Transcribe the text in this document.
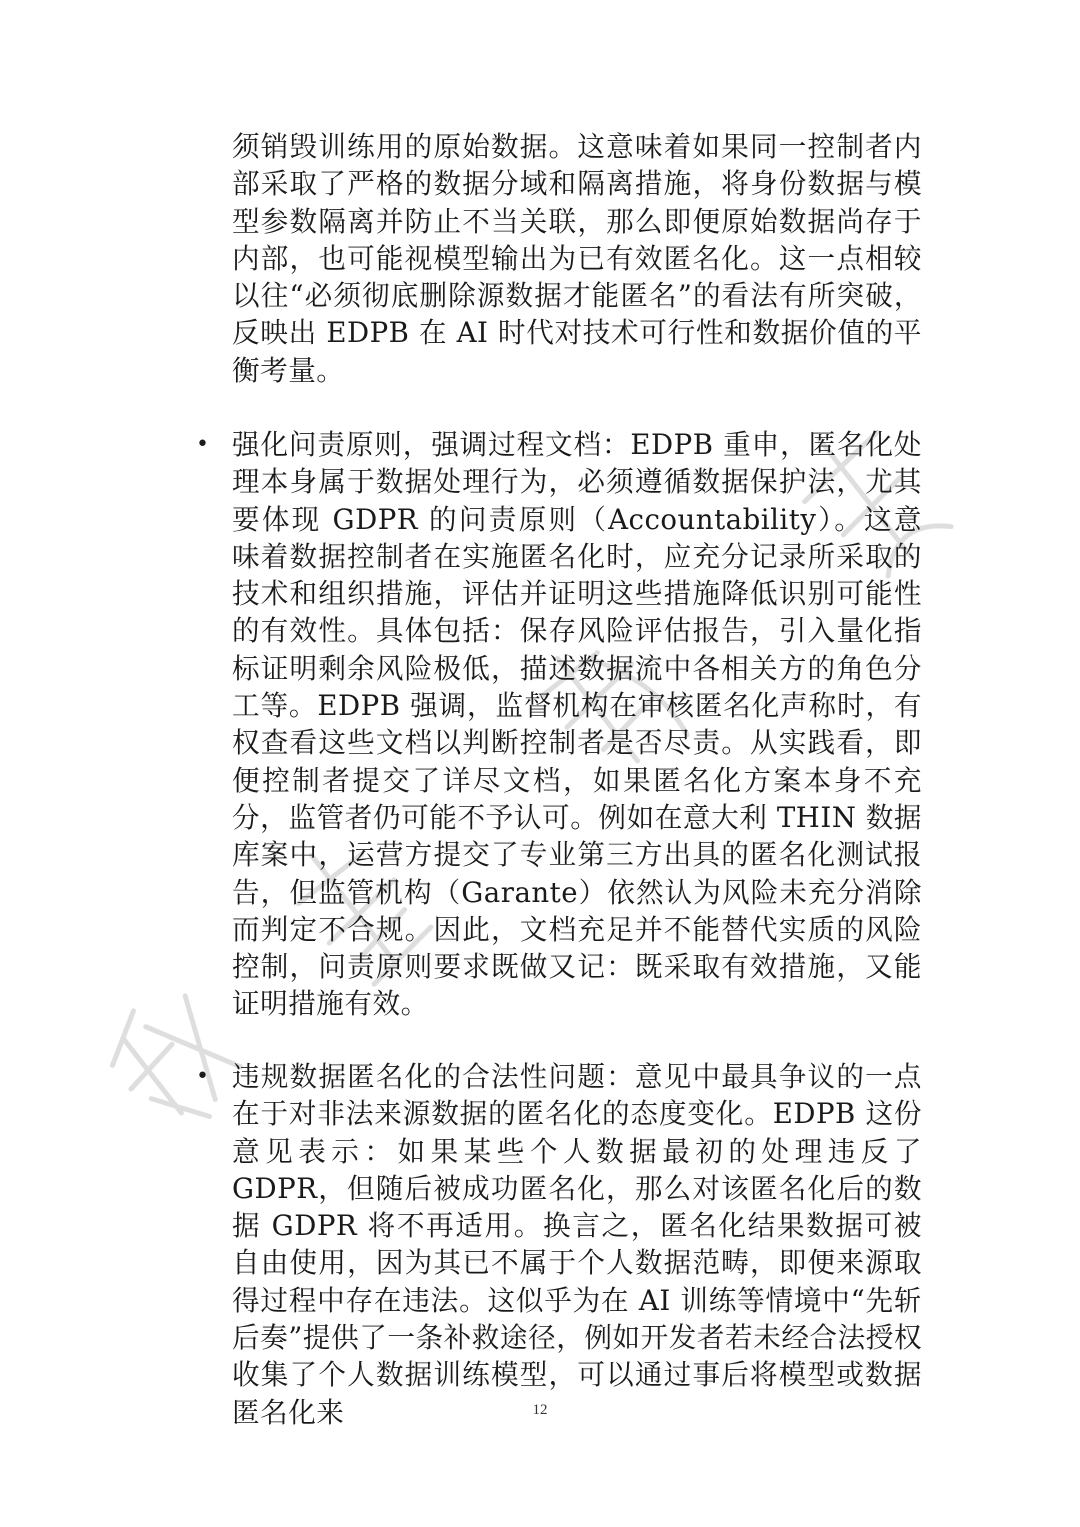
须销毁训练用的原始数据。这意味着如果同一控制者内部采取了严格的数据分域和隔离措施，将身份数据与模型参数隔离并防止不当关联，那么即便原始数据尚存于内部，也可能视模型输出为已有效匿名化。这一点相较以往“必须彻底删除源数据才能匿名”的看法有所突破，反映出 EDPB 在 AI 时代对技术可行性和数据价值的平衡考量。
• 强化问责原则，强调过程文档：EDPB 重申，匿名化处理本身属于数据处理行为，必须遵循数据保护法，尤其要体现 GDPR 的问责原则（Accountability）。这意味着数据控制者在实施匿名化时，应充分记录所采取的技术和组织措施，评估并证明这些措施降低识别可能性的有效性。具体包括：保存风险评估报告，引入量化指标证明剩余风险极低，描述数据流中各相关方的角色分工等。EDPB 强调，监督机构在审核匿名化声称时，有权查看这些文档以判断控制者是否尽责。从实践看，即便控制者提交了详尽文档，如果匿名化方案本身不充分，监管者仍可能不予认可。例如在意大利 THIN 数据库案中，运营方提交了专业第三方出具的匿名化测试报告，但监管机构（Garante）依然认为风险未充分消除而判定不合规。因此，文档充足并不能替代实质的风险控制，问责原则要求既做又记：既采取有效措施，又能证明措施有效。
• 违规数据匿名化的合法性问题：意见中最具争议的一点在于对非法来源数据的匿名化的态度变化。EDPB 这份意见表示：如果某些个人数据最初的处理违反了 GDPR，但随后被成功匿名化，那么对该匿名化后的数据 GDPR 将不再适用。换言之，匿名化结果数据可被自由使用，因为其已不属于个人数据范畴，即便来源取得过程中存在违法。这似乎为在 AI 训练等情境中“先斩后奏”提供了一条补救途径，例如开发者若未经合法授权收集了个人数据训练模型，可以通过事后将模型或数据匿名化来	12
